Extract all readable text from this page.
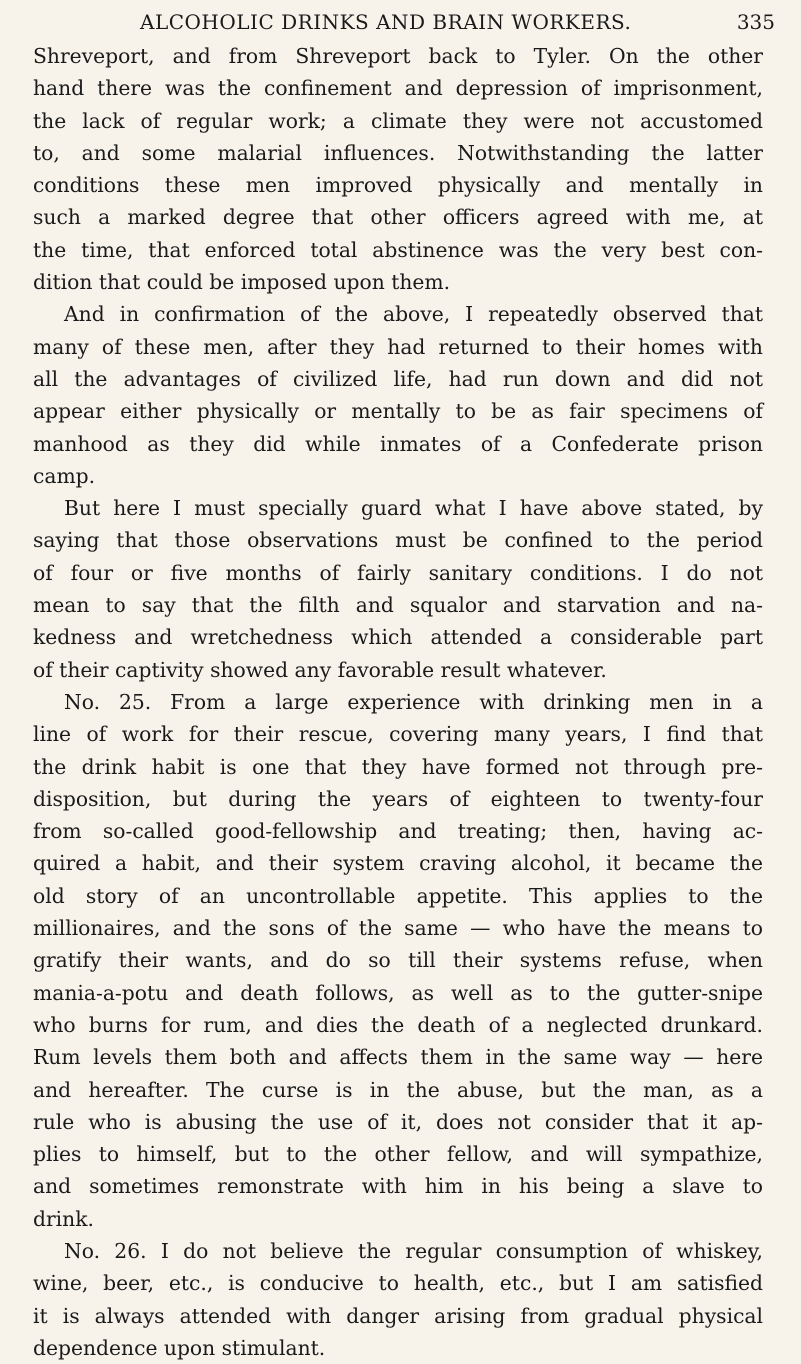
ALCOHOLIC DRINKS AND BRAIN WORKERS.	335
Shreveport, and from Shreveport back to Tyler. On the other
hand there was the confinement and depression of imprisonment,
the lack of regular work; a climate they were not accustomed
to, and some malarial influences. Notwithstanding the latter
conditions these men improved physically and mentally in
such a marked degree that other officers agreed with me, at
the time, that enforced total abstinence was the very best con-
dition that could be imposed upon them.
And in confirmation of the above, I repeatedly observed that
many of these men, after they had returned to their homes with
all the advantages of civilized life, had run down and did not
appear either physically or mentally to be as fair specimens of
manhood as they did while inmates of a Confederate prison
camp.
But here I must specially guard what I have above stated, by
saying that those observations must be confined to the period
of four or five months of fairly sanitary conditions. I do not
mean to say that the filth and squalor and starvation and na-
kedness and wretchedness which attended a considerable part
of their captivity showed any favorable result whatever.
No. 25. From a large experience with drinking men in a
line of work for their rescue, covering many years, I find that
the drink habit is one that they have formed not through pre-
disposition, but during the years of eighteen to twenty-four
from so-called good-fellowship and treating; then, having ac-
quired a habit, and their system craving alcohol, it became the
old story of an uncontrollable appetite. This applies to the
millionaires, and the sons of the same — who have the means to
gratify their wants, and do so till their systems refuse, when
mania-a-potu and death follows, as well as to the gutter-snipe
who burns for rum, and dies the death of a neglected drunkard.
Rum levels them both and affects them in the same way — here
and hereafter. The curse is in the abuse, but the man, as a
rule who is abusing the use of it, does not consider that it ap-
plies to himself, but to the other fellow, and will sympathize,
and sometimes remonstrate with him in his being a slave to
drink.
No. 26. I do not believe the regular consumption of whiskey,
wine, beer, etc., is conducive to health, etc., but I am satisfied
it is always attended with danger arising from gradual physical
dependence upon stimulant.
